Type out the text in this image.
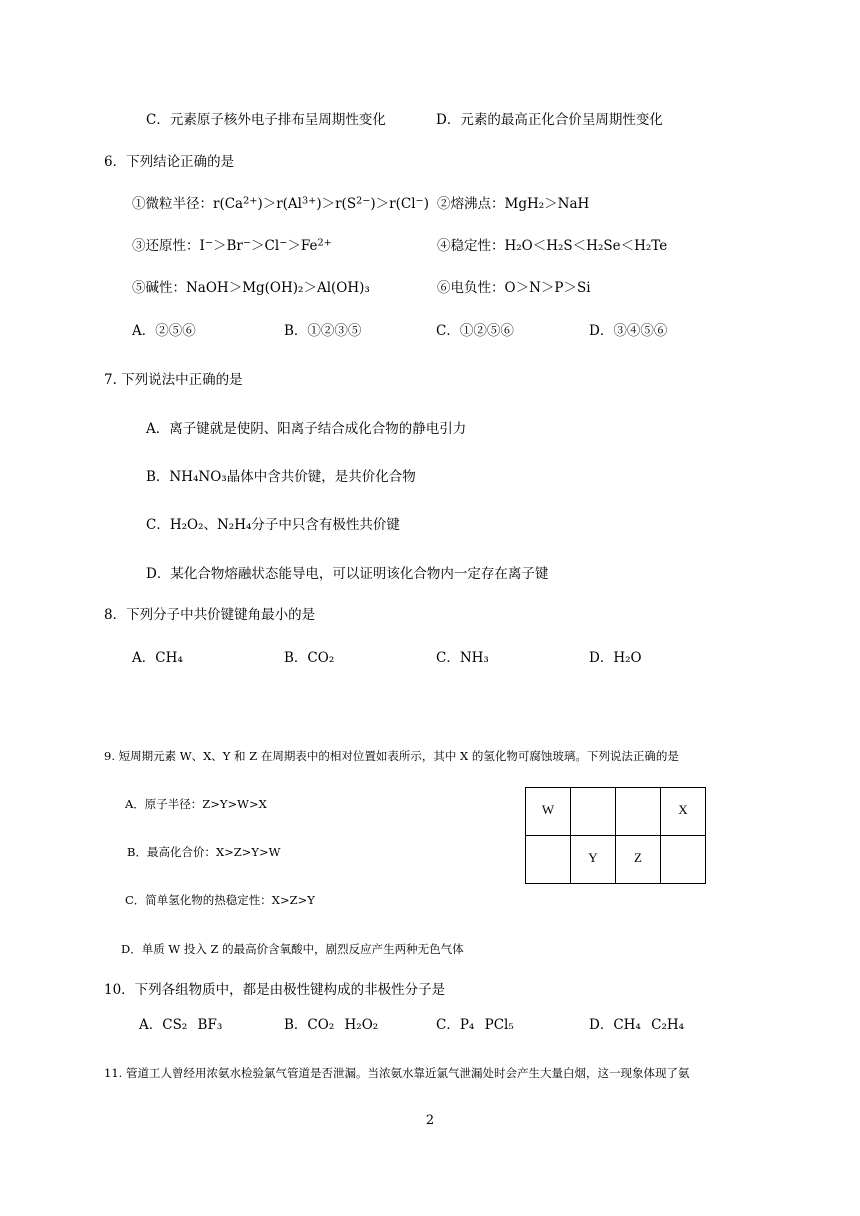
C．元素原子核外电子排布呈周期性变化	D．元素的最高正化合价呈周期性变化
6．下列结论正确的是
①微粒半径：$r(Ca^{2+})>r(Al^{3+})>r(S^{2-})>r(Cl^-)$ ②熔沸点：MgH₂＞NaH
③还原性：$I^->Br^->Cl^->Fe^{2+}$	④稳定性：H₂O＜H₂S＜H₂Se＜H₂Te
⑤碱性：NaOH＞Mg(OH)₂＞Al(OH)₃	⑥电负性：O＞N＞P＞Si
A．②⑤⑥	B．①②③⑤	C．①②⑤⑥	D．③④⑤⑥
7. 下列说法中正确的是
A．离子键就是使阴、阳离子结合成化合物的静电引力
B．NH₄NO₃晶体中含共价键，是共价化合物
C．H₂O₂、N₂H₄分子中只含有极性共价键
D．某化合物熔融状态能导电，可以证明该化合物内一定存在离子键
8．下列分子中共价键键角最小的是
A．CH₄	B．CO₂	C．NH₃	D．H₂O
9. 短周期元素 W、X、Y 和 Z 在周期表中的相对位置如表所示，其中 X 的氢化物可腐蚀玻璃。下列说法正确的是
A．原子半径：Z>Y>W>X
B．最高化合价：X>Z>Y>W
C．简单氢化物的热稳定性：X>Z>Y
D．单质 W 投入 Z 的最高价含氧酸中，剧烈反应产生两种无色气体
W			X
	Y	Z	
10．下列各组物质中，都是由极性键构成的非极性分子是
A．CS₂ BF₃	B．CO₂ H₂O₂	C．P₄ PCl₅	D．CH₄ C₂H₄
11. 管道工人曾经用浓氨水检验氯气管道是否泄漏。当浓氨水靠近氯气泄漏处时会产生大量白烟，这一现象体现了氨
2
